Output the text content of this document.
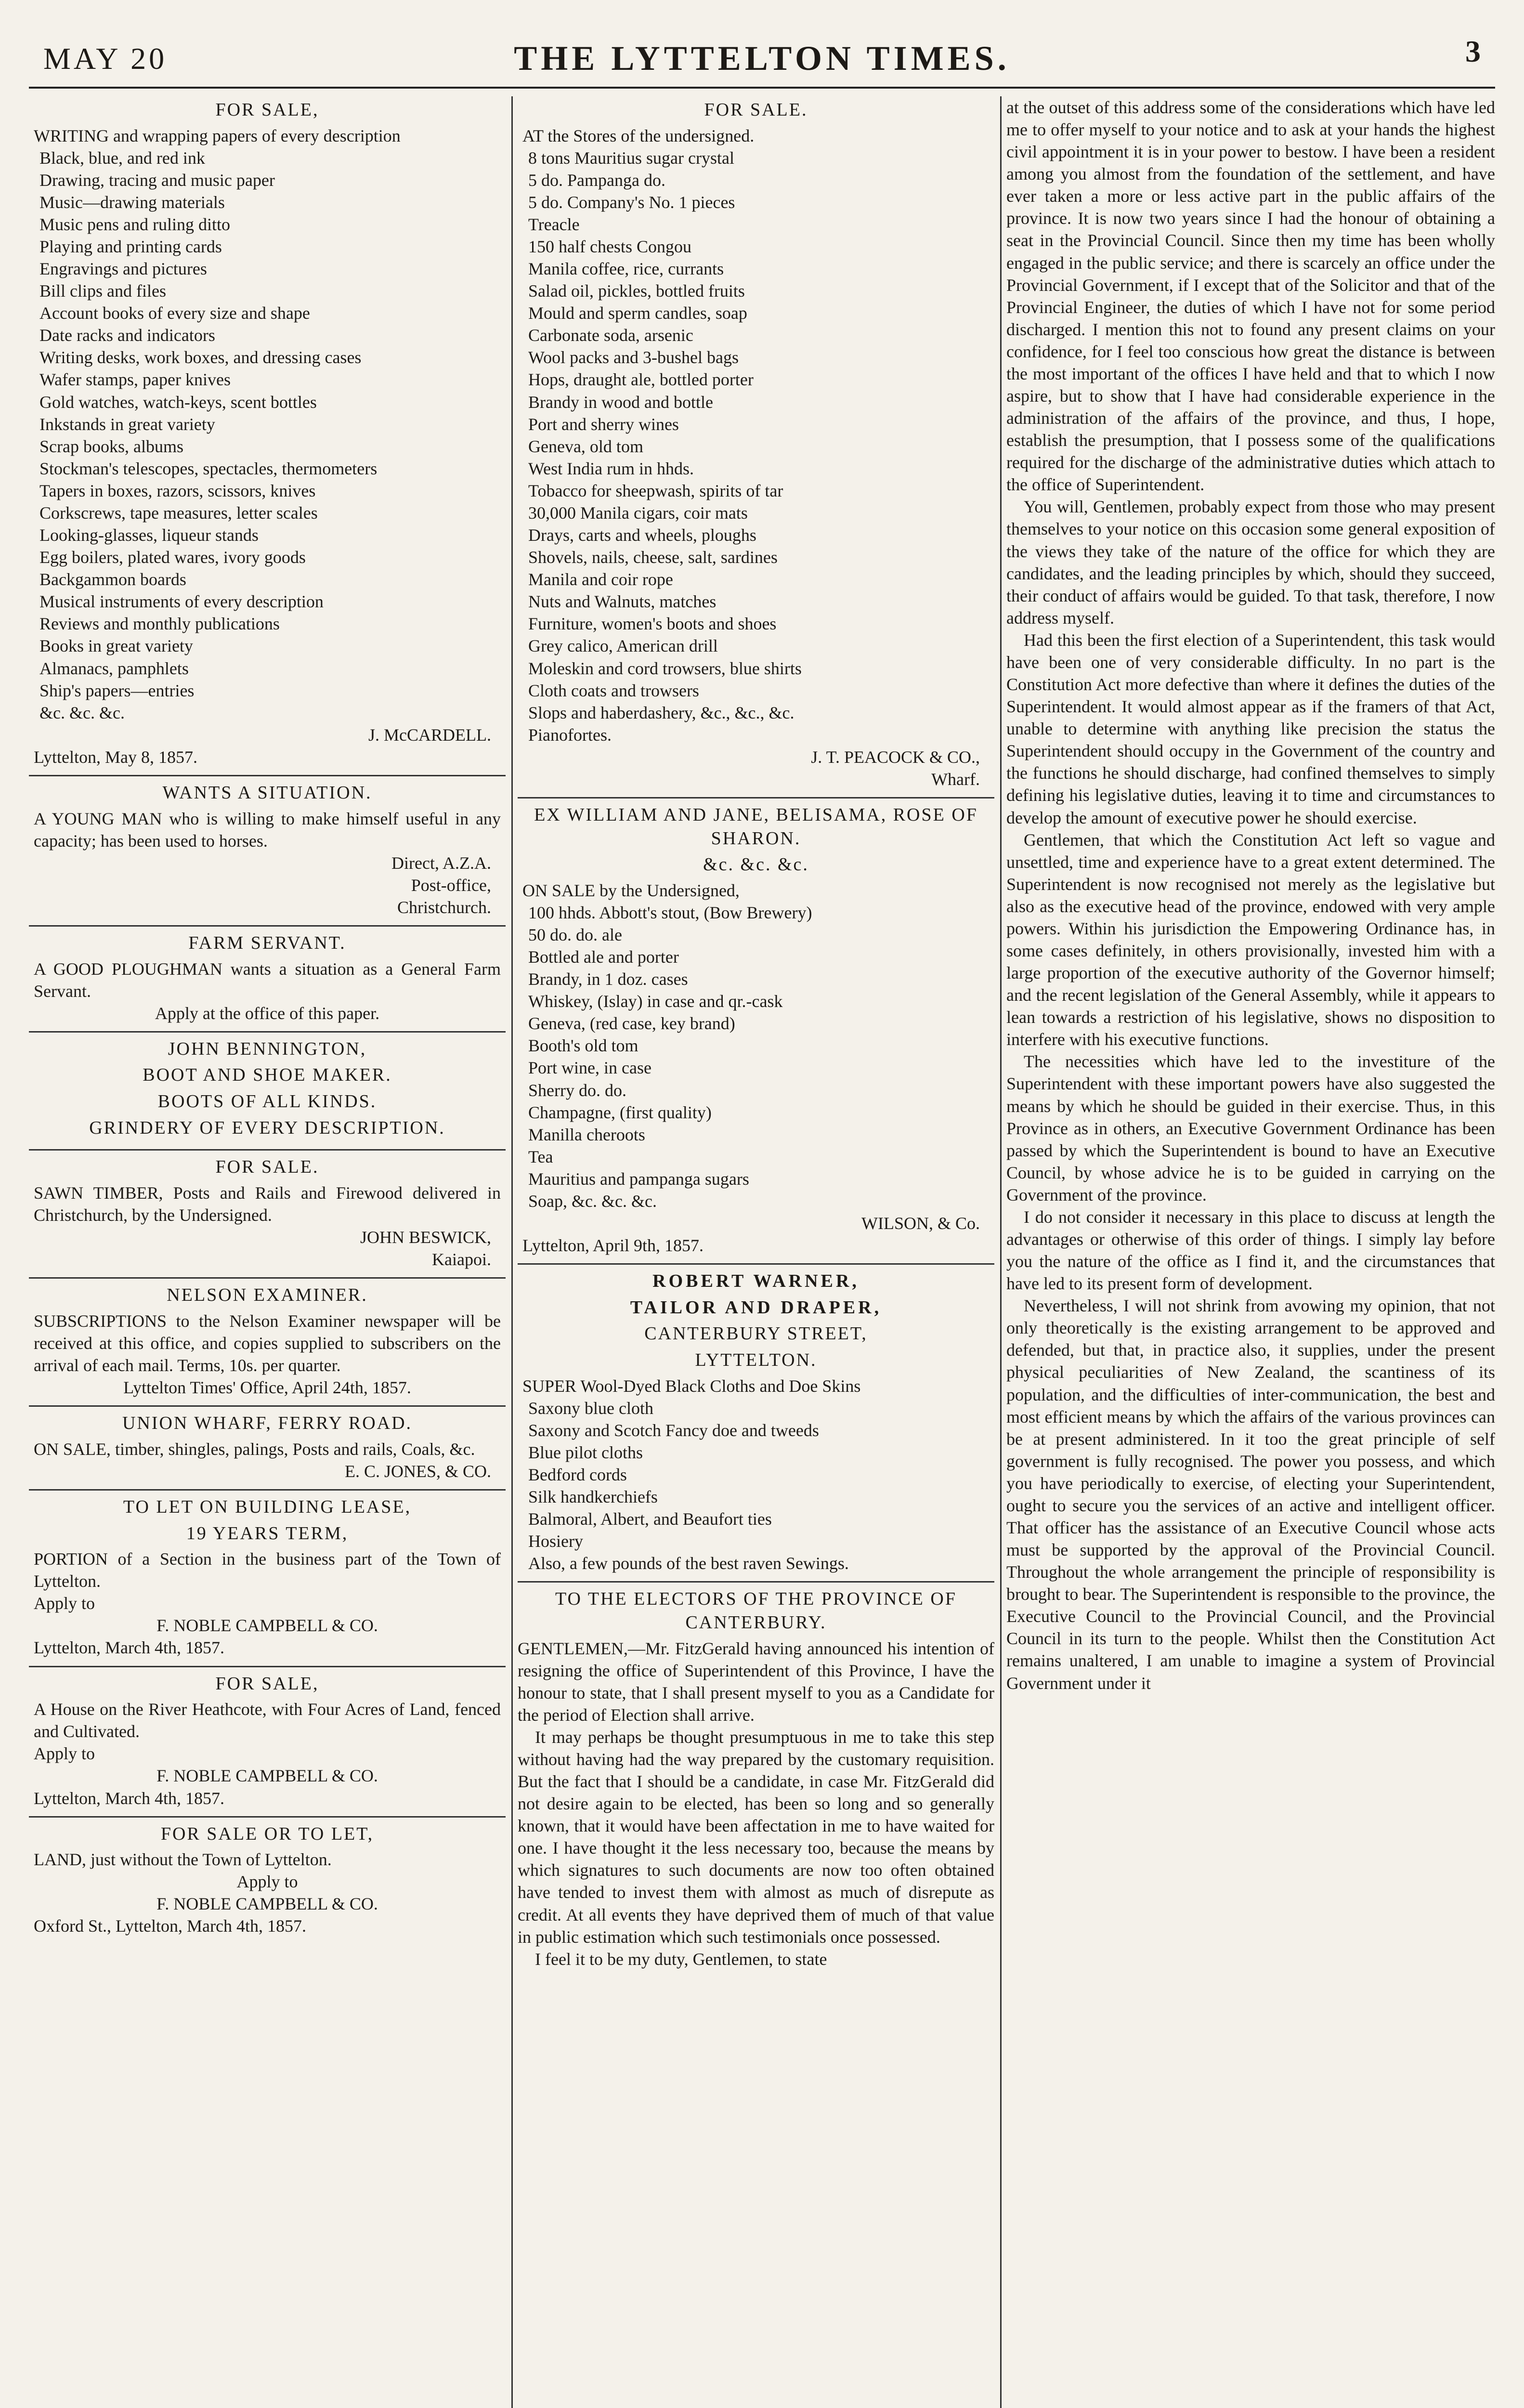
MAY 20	THE LYTTELTON TIMES.	3
FOR SALE,

WRITING and wrapping papers of every description

Black, blue, and red ink
Drawing, tracing and music paper
Music—drawing materials
Music pens and ruling ditto
Playing and printing cards
Engravings and pictures
Bill clips and files
Account books of every size and shape
Date racks and indicators
Writing desks, work boxes, and dressing cases
Wafer stamps, paper knives
Gold watches, watch-keys, scent bottles
Inkstands in great variety
Scrap books, albums
Stockman's telescopes, spectacles, thermometers
Tapers in boxes, razors, scissors, knives
Corkscrews, tape measures, letter scales
Looking-glasses, liqueur stands
Egg boilers, plated wares, ivory goods
Backgammon boards
Musical instruments of every description
Reviews and monthly publications
Books in great variety
Almanacs, pamphlets
Ship's papers—entries
&c. &c. &c.

J. McCARDELL.

Lyttelton, May 8, 1857.

WANTS A SITUATION.

A YOUNG MAN who is willing to make himself useful in any capacity; has been used to horses.

Direct, A.Z.A.

Post-office,

Christchurch.

FARM SERVANT.

A GOOD PLOUGHMAN wants a situation as a General Farm Servant.

Apply at the office of this paper.

JOHN BENNINGTON,
BOOT AND SHOE MAKER.
BOOTS OF ALL KINDS.
GRINDERY OF EVERY DESCRIPTION.
FOR SALE.

SAWN TIMBER, Posts and Rails and Firewood delivered in Christchurch, by the Undersigned.

JOHN BESWICK,

Kaiapoi.

NELSON EXAMINER.

SUBSCRIPTIONS to the Nelson Examiner newspaper will be received at this office, and copies supplied to subscribers on the arrival of each mail. Terms, 10s. per quarter.

Lyttelton Times' Office, April 24th, 1857.

UNION WHARF, FERRY ROAD.

ON SALE, timber, shingles, palings, Posts and rails, Coals, &c.

E. C. JONES, & CO.

TO LET ON BUILDING LEASE,
19 YEARS TERM,

PORTION of a Section in the business part of the Town of Lyttelton.

Apply to

F. NOBLE CAMPBELL & CO.

Lyttelton, March 4th, 1857.

FOR SALE,

A House on the River Heathcote, with Four Acres of Land, fenced and Cultivated.

Apply to

F. NOBLE CAMPBELL & CO.

Lyttelton, March 4th, 1857.

FOR SALE OR TO LET,

LAND, just without the Town of Lyttelton.

Apply to

F. NOBLE CAMPBELL & CO.

Oxford St., Lyttelton, March 4th, 1857.

FOR SALE.

AT the Stores of the undersigned.

8 tons Mauritius sugar crystal
5 do. Pampanga do.
5 do. Company's No. 1 pieces
Treacle
150 half chests Congou
Manila coffee, rice, currants
Salad oil, pickles, bottled fruits
Mould and sperm candles, soap
Carbonate soda, arsenic
Wool packs and 3-bushel bags
Hops, draught ale, bottled porter
Brandy in wood and bottle
Port and sherry wines
Geneva, old tom
West India rum in hhds.
Tobacco for sheepwash, spirits of tar
30,000 Manila cigars, coir mats
Drays, carts and wheels, ploughs
Shovels, nails, cheese, salt, sardines
Manila and coir rope
Nuts and Walnuts, matches
Furniture, women's boots and shoes
Grey calico, American drill
Moleskin and cord trowsers, blue shirts
Cloth coats and trowsers
Slops and haberdashery, &c., &c., &c.
Pianofortes.

J. T. PEACOCK & CO.,

Wharf.

EX WILLIAM AND JANE, BELISAMA, ROSE OF SHARON.
&c. &c. &c.

ON SALE by the Undersigned,

100 hhds. Abbott's stout, (Bow Brewery)
50 do. do. ale
Bottled ale and porter
Brandy, in 1 doz. cases
Whiskey, (Islay) in case and qr.-cask
Geneva, (red case, key brand)
Booth's old tom
Port wine, in case
Sherry do. do.
Champagne, (first quality)
Manilla cheroots
Tea
Mauritius and pampanga sugars
Soap, &c. &c. &c.

WILSON, & Co.

Lyttelton, April 9th, 1857.

ROBERT WARNER,
TAILOR AND DRAPER,
CANTERBURY STREET,
LYTTELTON.

SUPER Wool-Dyed Black Cloths and Doe Skins

Saxony blue cloth
Saxony and Scotch Fancy doe and tweeds
Blue pilot cloths
Bedford cords
Silk handkerchiefs
Balmoral, Albert, and Beaufort ties
Hosiery
Also, a few pounds of the best raven Sewings.
TO THE ELECTORS OF THE PROVINCE OF CANTERBURY.

GENTLEMEN,—Mr. FitzGerald having announced his intention of resigning the office of Superintendent of this Province, I have the honour to state, that I shall present myself to you as a Candidate for the period of Election shall arrive.

It may perhaps be thought presumptuous in me to take this step without having had the way prepared by the customary requisition. But the fact that I should be a candidate, in case Mr. FitzGerald did not desire again to be elected, has been so long and so generally known, that it would have been affectation in me to have waited for one. I have thought it the less necessary too, because the means by which signatures to such documents are now too often obtained have tended to invest them with almost as much of disrepute as credit. At all events they have deprived them of much of that value in public estimation which such testimonials once possessed.

I feel it to be my duty, Gentlemen, to state

at the outset of this address some of the considerations which have led me to offer myself to your notice and to ask at your hands the highest civil appointment it is in your power to bestow. I have been a resident among you almost from the foundation of the settlement, and have ever taken a more or less active part in the public affairs of the province. It is now two years since I had the honour of obtaining a seat in the Provincial Council. Since then my time has been wholly engaged in the public service; and there is scarcely an office under the Provincial Government, if I except that of the Solicitor and that of the Provincial Engineer, the duties of which I have not for some period discharged. I mention this not to found any present claims on your confidence, for I feel too conscious how great the distance is between the most important of the offices I have held and that to which I now aspire, but to show that I have had considerable experience in the administration of the affairs of the province, and thus, I hope, establish the presumption, that I possess some of the qualifications required for the discharge of the administrative duties which attach to the office of Superintendent.

You will, Gentlemen, probably expect from those who may present themselves to your notice on this occasion some general exposition of the views they take of the nature of the office for which they are candidates, and the leading principles by which, should they succeed, their conduct of affairs would be guided. To that task, therefore, I now address myself.

Had this been the first election of a Superintendent, this task would have been one of very considerable difficulty. In no part is the Constitution Act more defective than where it defines the duties of the Superintendent. It would almost appear as if the framers of that Act, unable to determine with anything like precision the status the Superintendent should occupy in the Government of the country and the functions he should discharge, had confined themselves to simply defining his legislative duties, leaving it to time and circumstances to develop the amount of executive power he should exercise.

Gentlemen, that which the Constitution Act left so vague and unsettled, time and experience have to a great extent determined. The Superintendent is now recognised not merely as the legislative but also as the executive head of the province, endowed with very ample powers. Within his jurisdiction the Empowering Ordinance has, in some cases definitely, in others provisionally, invested him with a large proportion of the executive authority of the Governor himself; and the recent legislation of the General Assembly, while it appears to lean towards a restriction of his legislative, shows no disposition to interfere with his executive functions.

The necessities which have led to the investiture of the Superintendent with these important powers have also suggested the means by which he should be guided in their exercise. Thus, in this Province as in others, an Executive Government Ordinance has been passed by which the Superintendent is bound to have an Executive Council, by whose advice he is to be guided in carrying on the Government of the province.

I do not consider it necessary in this place to discuss at length the advantages or otherwise of this order of things. I simply lay before you the nature of the office as I find it, and the circumstances that have led to its present form of development.

Nevertheless, I will not shrink from avowing my opinion, that not only theoretically is the existing arrangement to be approved and defended, but that, in practice also, it supplies, under the present physical peculiarities of New Zealand, the scantiness of its population, and the difficulties of inter-communication, the best and most efficient means by which the affairs of the various provinces can be at present administered. In it too the great principle of self government is fully recognised. The power you possess, and which you have periodically to exercise, of electing your Superintendent, ought to secure you the services of an active and intelligent officer. That officer has the assistance of an Executive Council whose acts must be supported by the approval of the Provincial Council. Throughout the whole arrangement the principle of responsibility is brought to bear. The Superintendent is responsible to the province, the Executive Council to the Provincial Council, and the Provincial Council in its turn to the people. Whilst then the Constitution Act remains unaltered, I am unable to imagine a system of Provincial Government under it
